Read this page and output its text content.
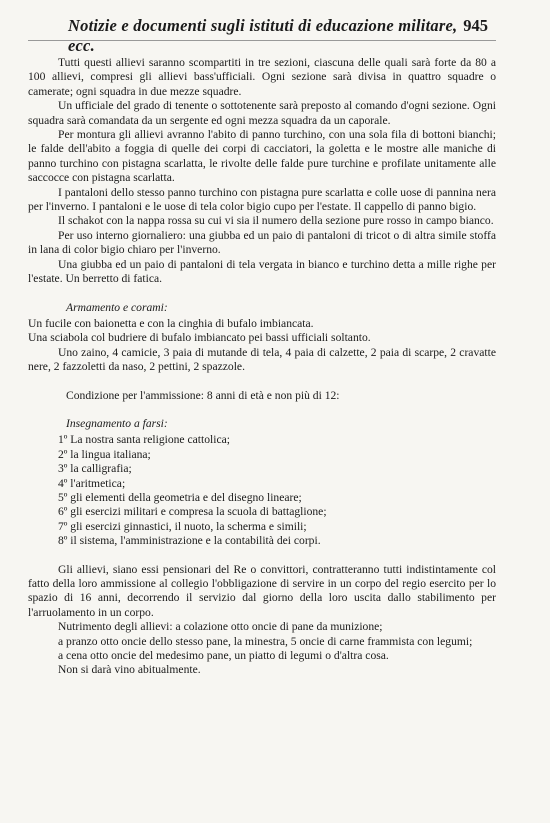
Notizie e documenti sugli istituti di educazione militare, ecc.
945

Tutti questi allievi saranno scompartiti in tre sezioni, ciascuna delle quali sarà forte da 80 a 100 allievi, compresi gli allievi bass'ufficiali. Ogni sezione sarà divisa in quattro squadre o camerate; ogni squadra in due mezze squadre.

Un ufficiale del grado di tenente o sottotenente sarà preposto al comando d'ogni sezione. Ogni squadra sarà comandata da un sergente ed ogni mezza squadra da un caporale.

Per montura gli allievi avranno l'abito di panno turchino, con una sola fila di bottoni bianchi; le falde dell'abito a foggia di quelle dei corpi di cacciatori, la goletta e le mostre alle maniche di panno turchino con pistagna scarlatta, le rivolte delle falde pure turchine e profilate unitamente alle saccocce con pistagna scarlatta.

I pantaloni dello stesso panno turchino con pistagna pure scarlatta e colle uose di pannina nera per l'inverno. I pantaloni e le uose di tela color bigio cupo per l'estate. Il cappello di panno bigio.

Il schakot con la nappa rossa su cui vi sia il numero della sezione pure rosso in campo bianco.

Per uso interno giornaliero: una giubba ed un paio di pantaloni di tricot o di altra simile stoffa in lana di color bigio chiaro per l'inverno.

Una giubba ed un paio di pantaloni di tela vergata in bianco e turchino detta a mille righe per l'estate. Un berretto di fatica.

Armamento e corami:

Un fucile con baionetta e con la cinghia di bufalo imbiancata.

Una sciabola col budriere di bufalo imbiancato pei bassi ufficiali soltanto.

Uno zaino, 4 camicie, 3 paia di mutande di tela, 4 paia di calzette, 2 paia di scarpe, 2 cravatte nere, 2 fazzoletti da naso, 2 pettini, 2 spazzole.

Condizione per l'ammissione: 8 anni di età e non più di 12:

Insegnamento a farsi:

1º La nostra santa religione cattolica;

2º la lingua italiana;

3º la calligrafia;

4º l'aritmetica;

5º gli elementi della geometria e del disegno lineare;

6º gli esercizi militari e compresa la scuola di battaglione;

7º gli esercizi ginnastici, il nuoto, la scherma e simili;

8º il sistema, l'amministrazione e la contabilità dei corpi.

Gli allievi, siano essi pensionari del Re o convittori, contratteranno tutti indistintamente col fatto della loro ammissione al collegio l'obbligazione di servire in un corpo del regio esercito per lo spazio di 16 anni, decorrendo il servizio dal giorno della loro uscita dallo stabilimento per l'arruolamento in un corpo.

Nutrimento degli allievi: a colazione otto oncie di pane da munizione;

a pranzo otto oncie dello stesso pane, la minestra, 5 oncie di carne frammista con legumi;

a cena otto oncie del medesimo pane, un piatto di legumi o d'altra cosa.

Non si darà vino abitualmente.
